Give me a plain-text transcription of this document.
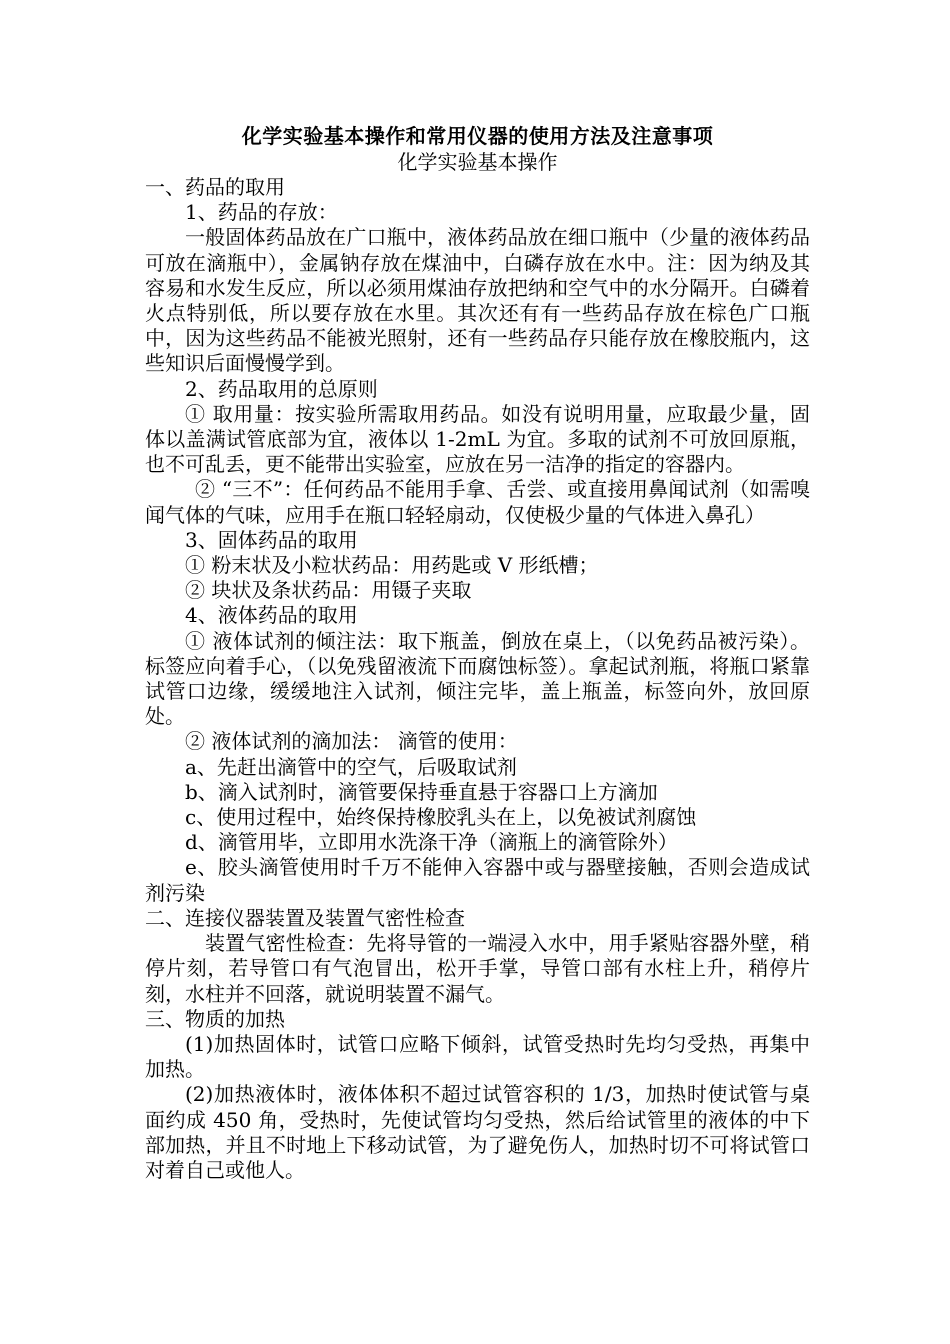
化学实验基本操作和常用仪器的使用方法及注意事项
化学实验基本操作

一、药品的取用

1、药品的存放：

一般固体药品放在广口瓶中，液体药品放在细口瓶中（少量的液体药品可放在滴瓶中），金属钠存放在煤油中，白磷存放在水中。注：因为纳及其容易和水发生反应，所以必须用煤油存放把纳和空气中的水分隔开。白磷着火点特别低，所以要存放在水里。其次还有有一些药品存放在棕色广口瓶中，因为这些药品不能被光照射，还有一些药品存只能存放在橡胶瓶内，这些知识后面慢慢学到。

2、药品取用的总原则

① 取用量：按实验所需取用药品。如没有说明用量，应取最少量，固体以盖满试管底部为宜，液体以 1-2mL 为宜。多取的试剂不可放回原瓶，也不可乱丢，更不能带出实验室，应放在另一洁净的指定的容器内。

② “三不”：任何药品不能用手拿、舌尝、或直接用鼻闻试剂（如需嗅闻气体的气味，应用手在瓶口轻轻扇动，仅使极少量的气体进入鼻孔）

3、固体药品的取用

① 粉末状及小粒状药品：用药匙或 V 形纸槽；

② 块状及条状药品：用镊子夹取

4、液体药品的取用

① 液体试剂的倾注法：取下瓶盖，倒放在桌上，（以免药品被污染）。标签应向着手心，（以免残留液流下而腐蚀标签）。拿起试剂瓶，将瓶口紧靠试管口边缘，缓缓地注入试剂，倾注完毕，盖上瓶盖，标签向外，放回原处。

② 液体试剂的滴加法： 滴管的使用：

a、先赶出滴管中的空气，后吸取试剂

b、滴入试剂时，滴管要保持垂直悬于容器口上方滴加

c、使用过程中，始终保持橡胶乳头在上，以免被试剂腐蚀

d、滴管用毕，立即用水洗涤干净（滴瓶上的滴管除外）

e、胶头滴管使用时千万不能伸入容器中或与器壁接触，否则会造成试剂污染

二、连接仪器装置及装置气密性检查

装置气密性检查：先将导管的一端浸入水中，用手紧贴容器外壁，稍停片刻，若导管口有气泡冒出，松开手掌，导管口部有水柱上升，稍停片刻，水柱并不回落，就说明装置不漏气。

三、物质的加热

(1)加热固体时，试管口应略下倾斜，试管受热时先均匀受热，再集中加热。

(2)加热液体时，液体体积不超过试管容积的 1/3，加热时使试管与桌面约成 450 角，受热时，先使试管均匀受热，然后给试管里的液体的中下部加热，并且不时地上下移动试管，为了避免伤人，加热时切不可将试管口对着自己或他人。
